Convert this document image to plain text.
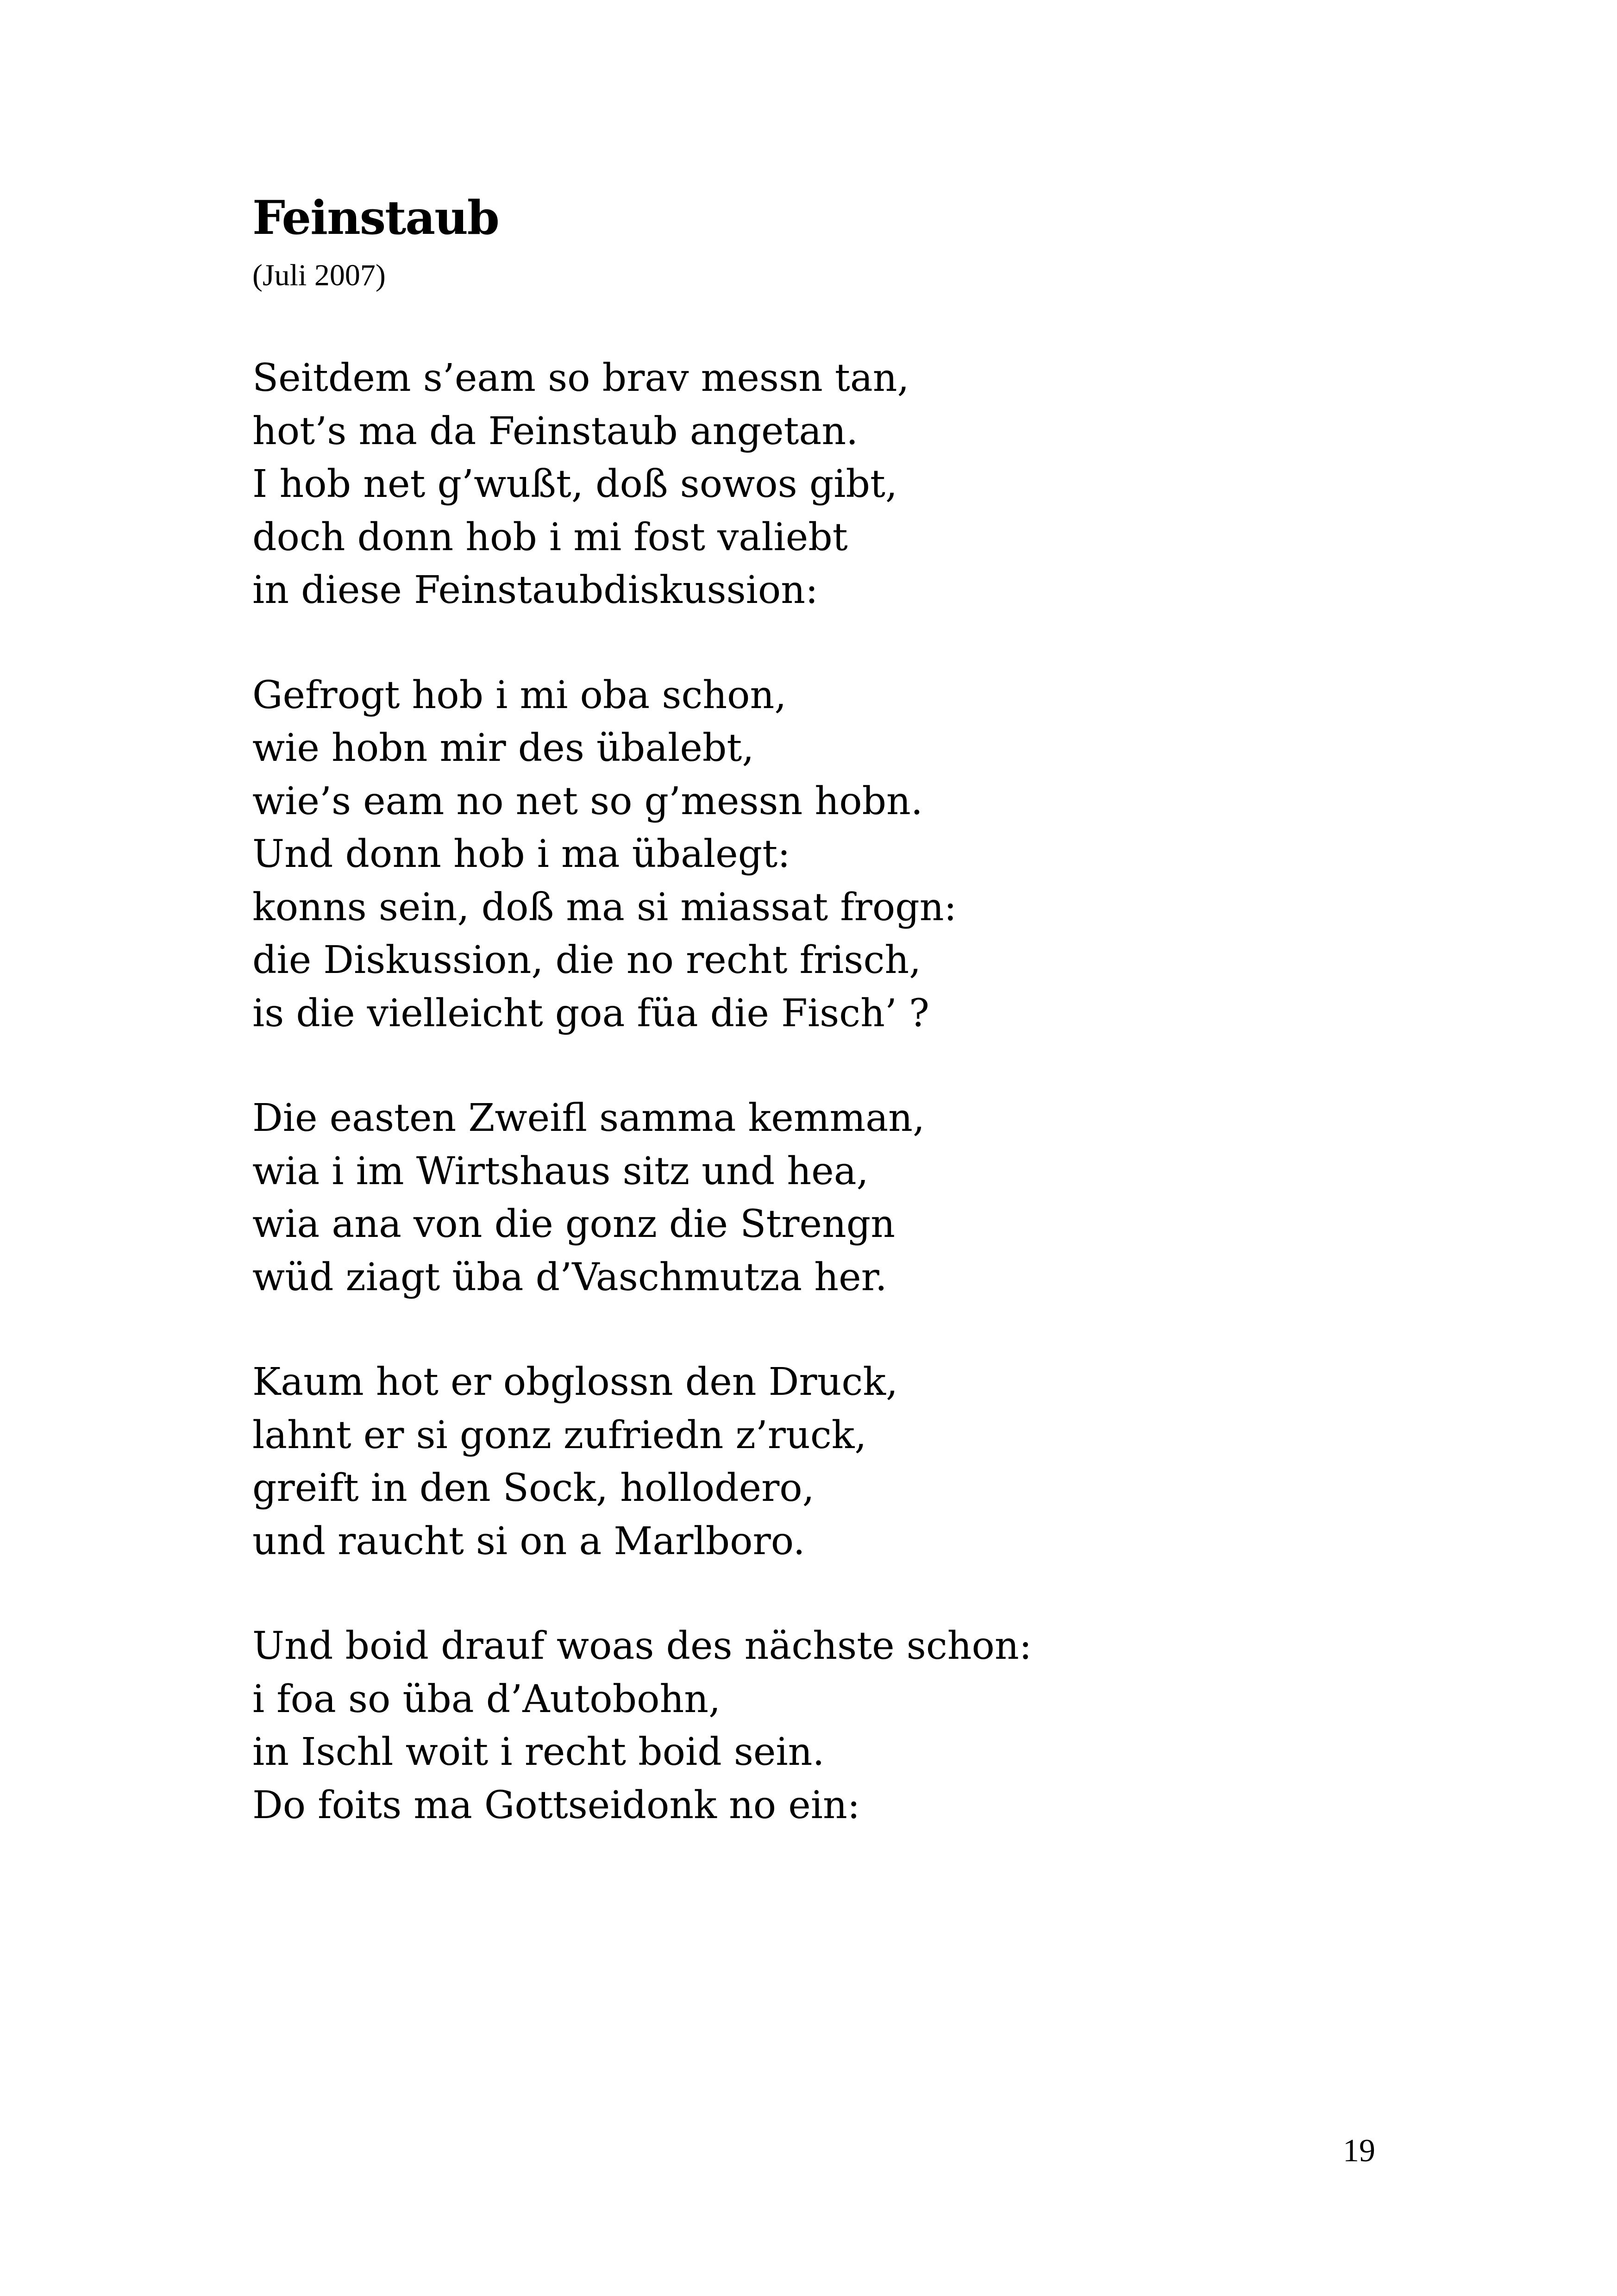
Feinstaub
(Juli 2007)
Seitdem s’eam so brav messn tan,
hot’s ma da Feinstaub angetan.
I hob net g’wußt, doß sowos gibt,
doch donn hob i mi fost valiebt
in diese Feinstaubdiskussion:
Gefrogt hob i mi oba schon,
wie hobn mir des übalebt,
wie’s eam no net so g’messn hobn.
Und donn hob i ma übalegt:
konns sein, doß ma si miassat frogn:
die Diskussion, die no recht frisch,
is die vielleicht goa füa die Fisch’ ?
Die easten Zweifl samma kemman,
wia i im Wirtshaus sitz und hea,
wia ana von die gonz die Strengn
wüd ziagt üba d’Vaschmutza her.
Kaum hot er obglossn den Druck,
lahnt er si gonz zufriedn z’ruck,
greift in den Sock, hollodero,
und raucht si on a Marlboro.
Und boid drauf woas des nächste schon:
i foa so üba d’Autobohn,
in Ischl woit i recht boid sein.
Do foits ma Gottseidonk no ein:
19
